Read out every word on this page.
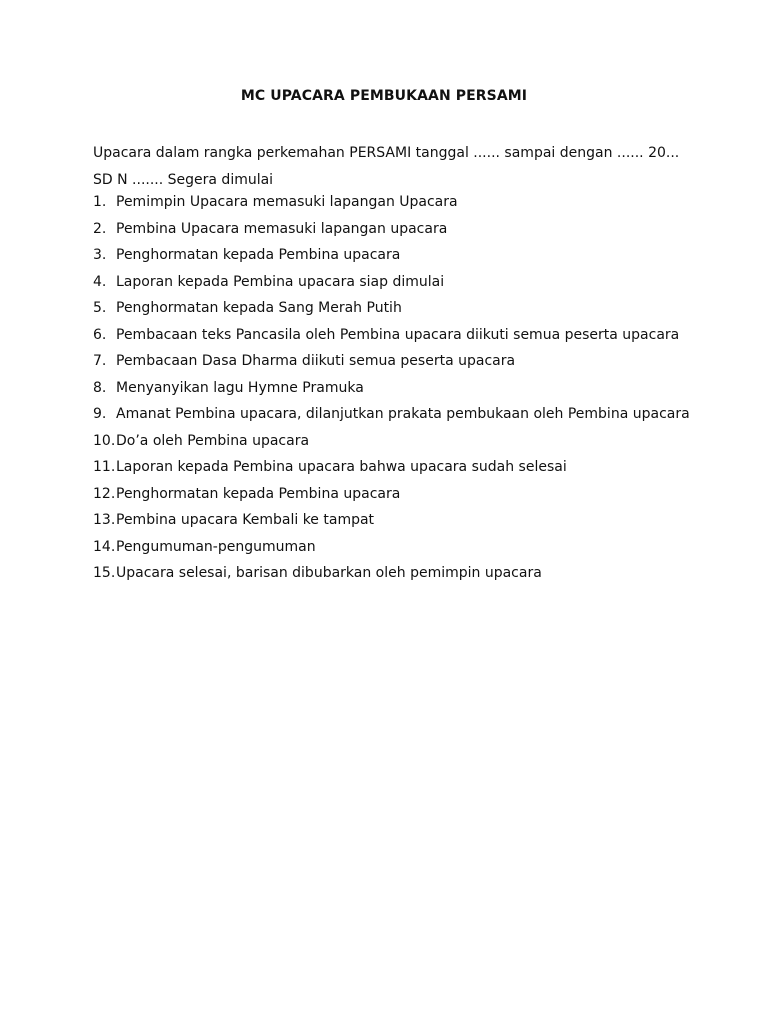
MC UPACARA PEMBUKAAN PERSAMI
Upacara dalam rangka perkemahan PERSAMI tanggal ...... sampai dengan ...... 20...
SD N ....... Segera dimulai
1. Pemimpin Upacara memasuki lapangan Upacara
2. Pembina Upacara memasuki lapangan upacara
3. Penghormatan kepada Pembina upacara
4. Laporan kepada Pembina upacara siap dimulai
5. Penghormatan kepada Sang Merah Putih
6. Pembacaan teks Pancasila oleh Pembina upacara diikuti semua peserta upacara
7. Pembacaan Dasa Dharma diikuti semua peserta upacara
8. Menyanyikan lagu Hymne Pramuka
9. Amanat Pembina upacara, dilanjutkan prakata pembukaan oleh Pembina upacara
10. Do’a oleh Pembina upacara
11. Laporan kepada Pembina upacara bahwa upacara sudah selesai
12. Penghormatan kepada Pembina upacara
13. Pembina upacara Kembali ke tampat
14. Pengumuman-pengumuman
15. Upacara selesai, barisan dibubarkan oleh pemimpin upacara
